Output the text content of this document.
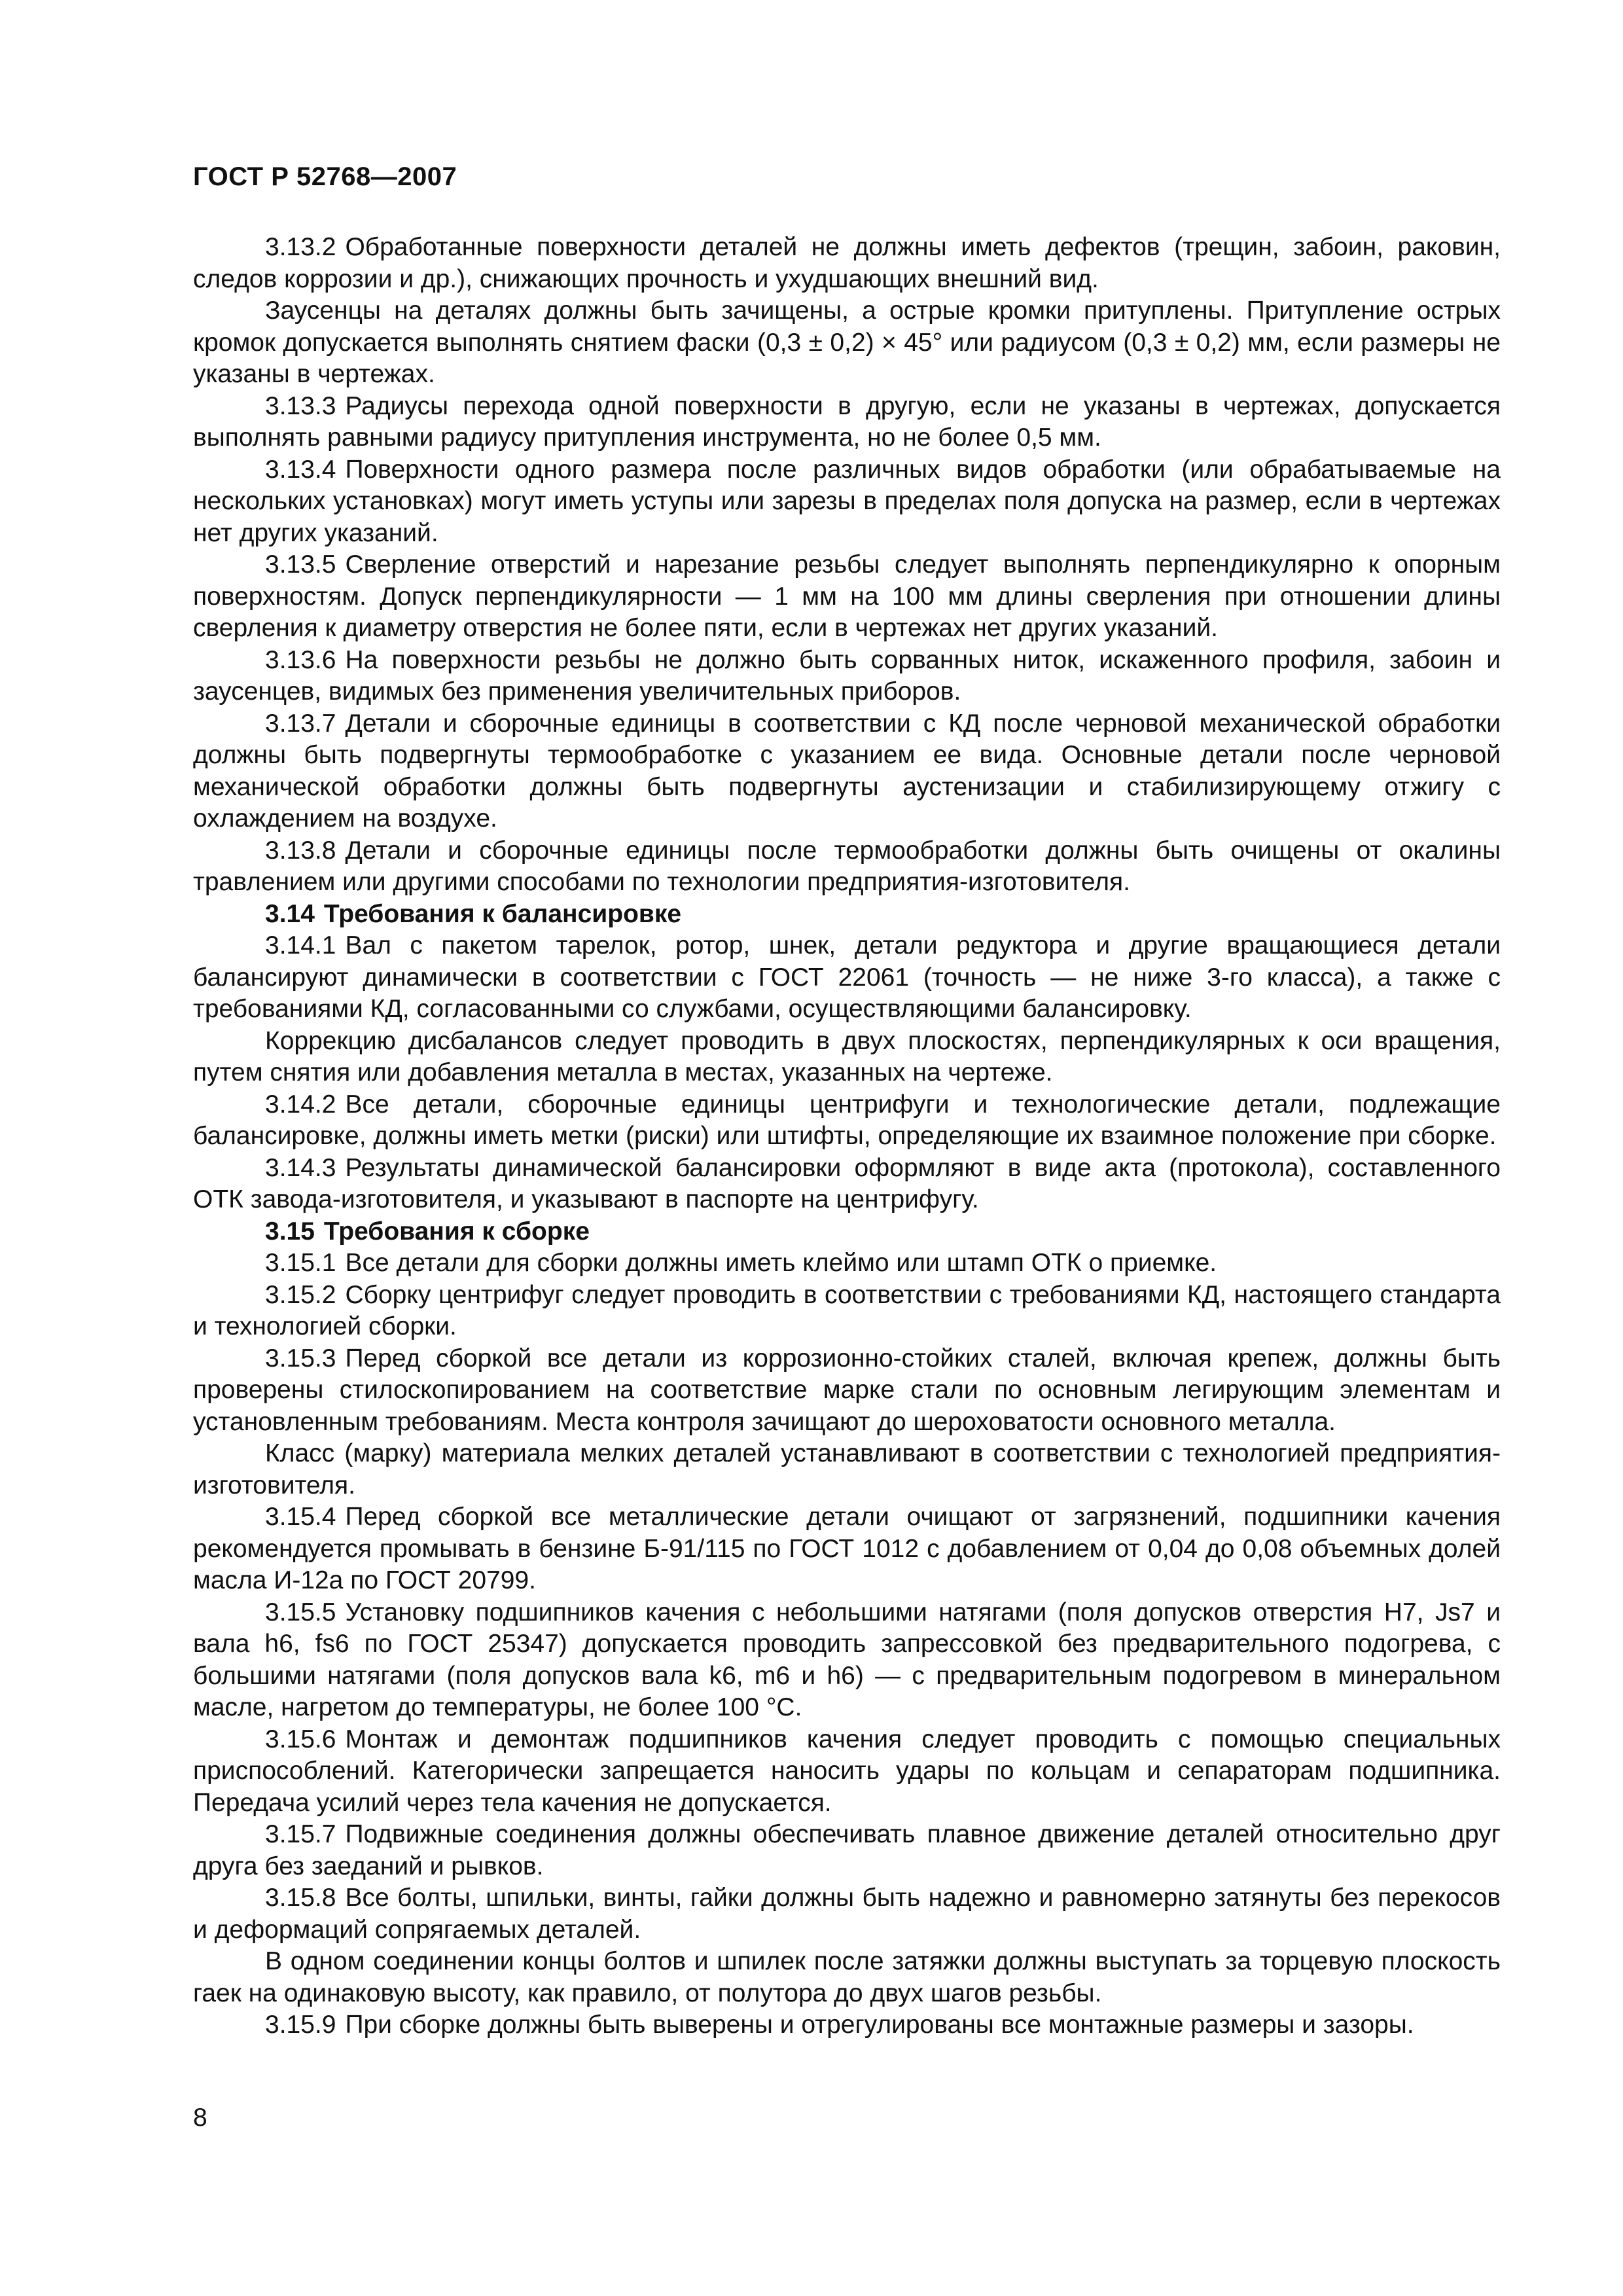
ГОСТ Р 52768—2007

3.13.2 Обработанные поверхности деталей не должны иметь дефектов (трещин, забоин, раковин, следов коррозии и др.), снижающих прочность и ухудшающих внешний вид.

Заусенцы на деталях должны быть зачищены, а острые кромки притуплены. Притупление острых кромок допускается выполнять снятием фаски (0,3 ± 0,2) × 45° или радиусом (0,3 ± 0,2) мм, если размеры не указаны в чертежах.

3.13.3 Радиусы перехода одной поверхности в другую, если не указаны в чертежах, допускается выполнять равными радиусу притупления инструмента, но не более 0,5 мм.

3.13.4 Поверхности одного размера после различных видов обработки (или обрабатываемые на нескольких установках) могут иметь уступы или зарезы в пределах поля допуска на размер, если в чертежах нет других указаний.

3.13.5 Сверление отверстий и нарезание резьбы следует выполнять перпендикулярно к опорным поверхностям. Допуск перпендикулярности — 1 мм на 100 мм длины сверления при отношении длины сверления к диаметру отверстия не более пяти, если в чертежах нет других указаний.

3.13.6 На поверхности резьбы не должно быть сорванных ниток, искаженного профиля, забоин и заусенцев, видимых без применения увеличительных приборов.

3.13.7 Детали и сборочные единицы в соответствии с КД после черновой механической обработки должны быть подвергнуты термообработке с указанием ее вида. Основные детали после черновой механической обработки должны быть подвергнуты аустенизации и стабилизирующему отжигу с охлаждением на воздухе.

3.13.8 Детали и сборочные единицы после термообработки должны быть очищены от окалины травлением или другими способами по технологии предприятия-изготовителя.

3.14 Требования к балансировке

3.14.1 Вал с пакетом тарелок, ротор, шнек, детали редуктора и другие вращающиеся детали балансируют динамически в соответствии с ГОСТ 22061 (точность — не ниже 3-го класса), а также с требованиями КД, согласованными со службами, осуществляющими балансировку.

Коррекцию дисбалансов следует проводить в двух плоскостях, перпендикулярных к оси вращения, путем снятия или добавления металла в местах, указанных на чертеже.

3.14.2 Все детали, сборочные единицы центрифуги и технологические детали, подлежащие балансировке, должны иметь метки (риски) или штифты, определяющие их взаимное положение при сборке.

3.14.3 Результаты динамической балансировки оформляют в виде акта (протокола), составленного ОТК завода-изготовителя, и указывают в паспорте на центрифугу.

3.15 Требования к сборке

3.15.1 Все детали для сборки должны иметь клеймо или штамп ОТК о приемке.

3.15.2 Сборку центрифуг следует проводить в соответствии с требованиями КД, настоящего стандарта и технологией сборки.

3.15.3 Перед сборкой все детали из коррозионно-стойких сталей, включая крепеж, должны быть проверены стилоскопированием на соответствие марке стали по основным легирующим элементам и установленным требованиям. Места контроля зачищают до шероховатости основного металла.

Класс (марку) материала мелких деталей устанавливают в соответствии с технологией предприятия-изготовителя.

3.15.4 Перед сборкой все металлические детали очищают от загрязнений, подшипники качения рекомендуется промывать в бензине Б-91/115 по ГОСТ 1012 с добавлением от 0,04 до 0,08 объемных долей масла И-12а по ГОСТ 20799.

3.15.5 Установку подшипников качения с небольшими натягами (поля допусков отверстия H7, Js7 и вала h6, fs6 по ГОСТ 25347) допускается проводить запрессовкой без предварительного подогрева, с большими натягами (поля допусков вала k6, m6 и h6) — с предварительным подогревом в минеральном масле, нагретом до температуры, не более 100 °C.

3.15.6 Монтаж и демонтаж подшипников качения следует проводить с помощью специальных приспособлений. Категорически запрещается наносить удары по кольцам и сепараторам подшипника. Передача усилий через тела качения не допускается.

3.15.7 Подвижные соединения должны обеспечивать плавное движение деталей относительно друг друга без заеданий и рывков.

3.15.8 Все болты, шпильки, винты, гайки должны быть надежно и равномерно затянуты без перекосов и деформаций сопрягаемых деталей.

В одном соединении концы болтов и шпилек после затяжки должны выступать за торцевую плоскость гаек на одинаковую высоту, как правило, от полутора до двух шагов резьбы.

3.15.9 При сборке должны быть выверены и отрегулированы все монтажные размеры и зазоры.

8
